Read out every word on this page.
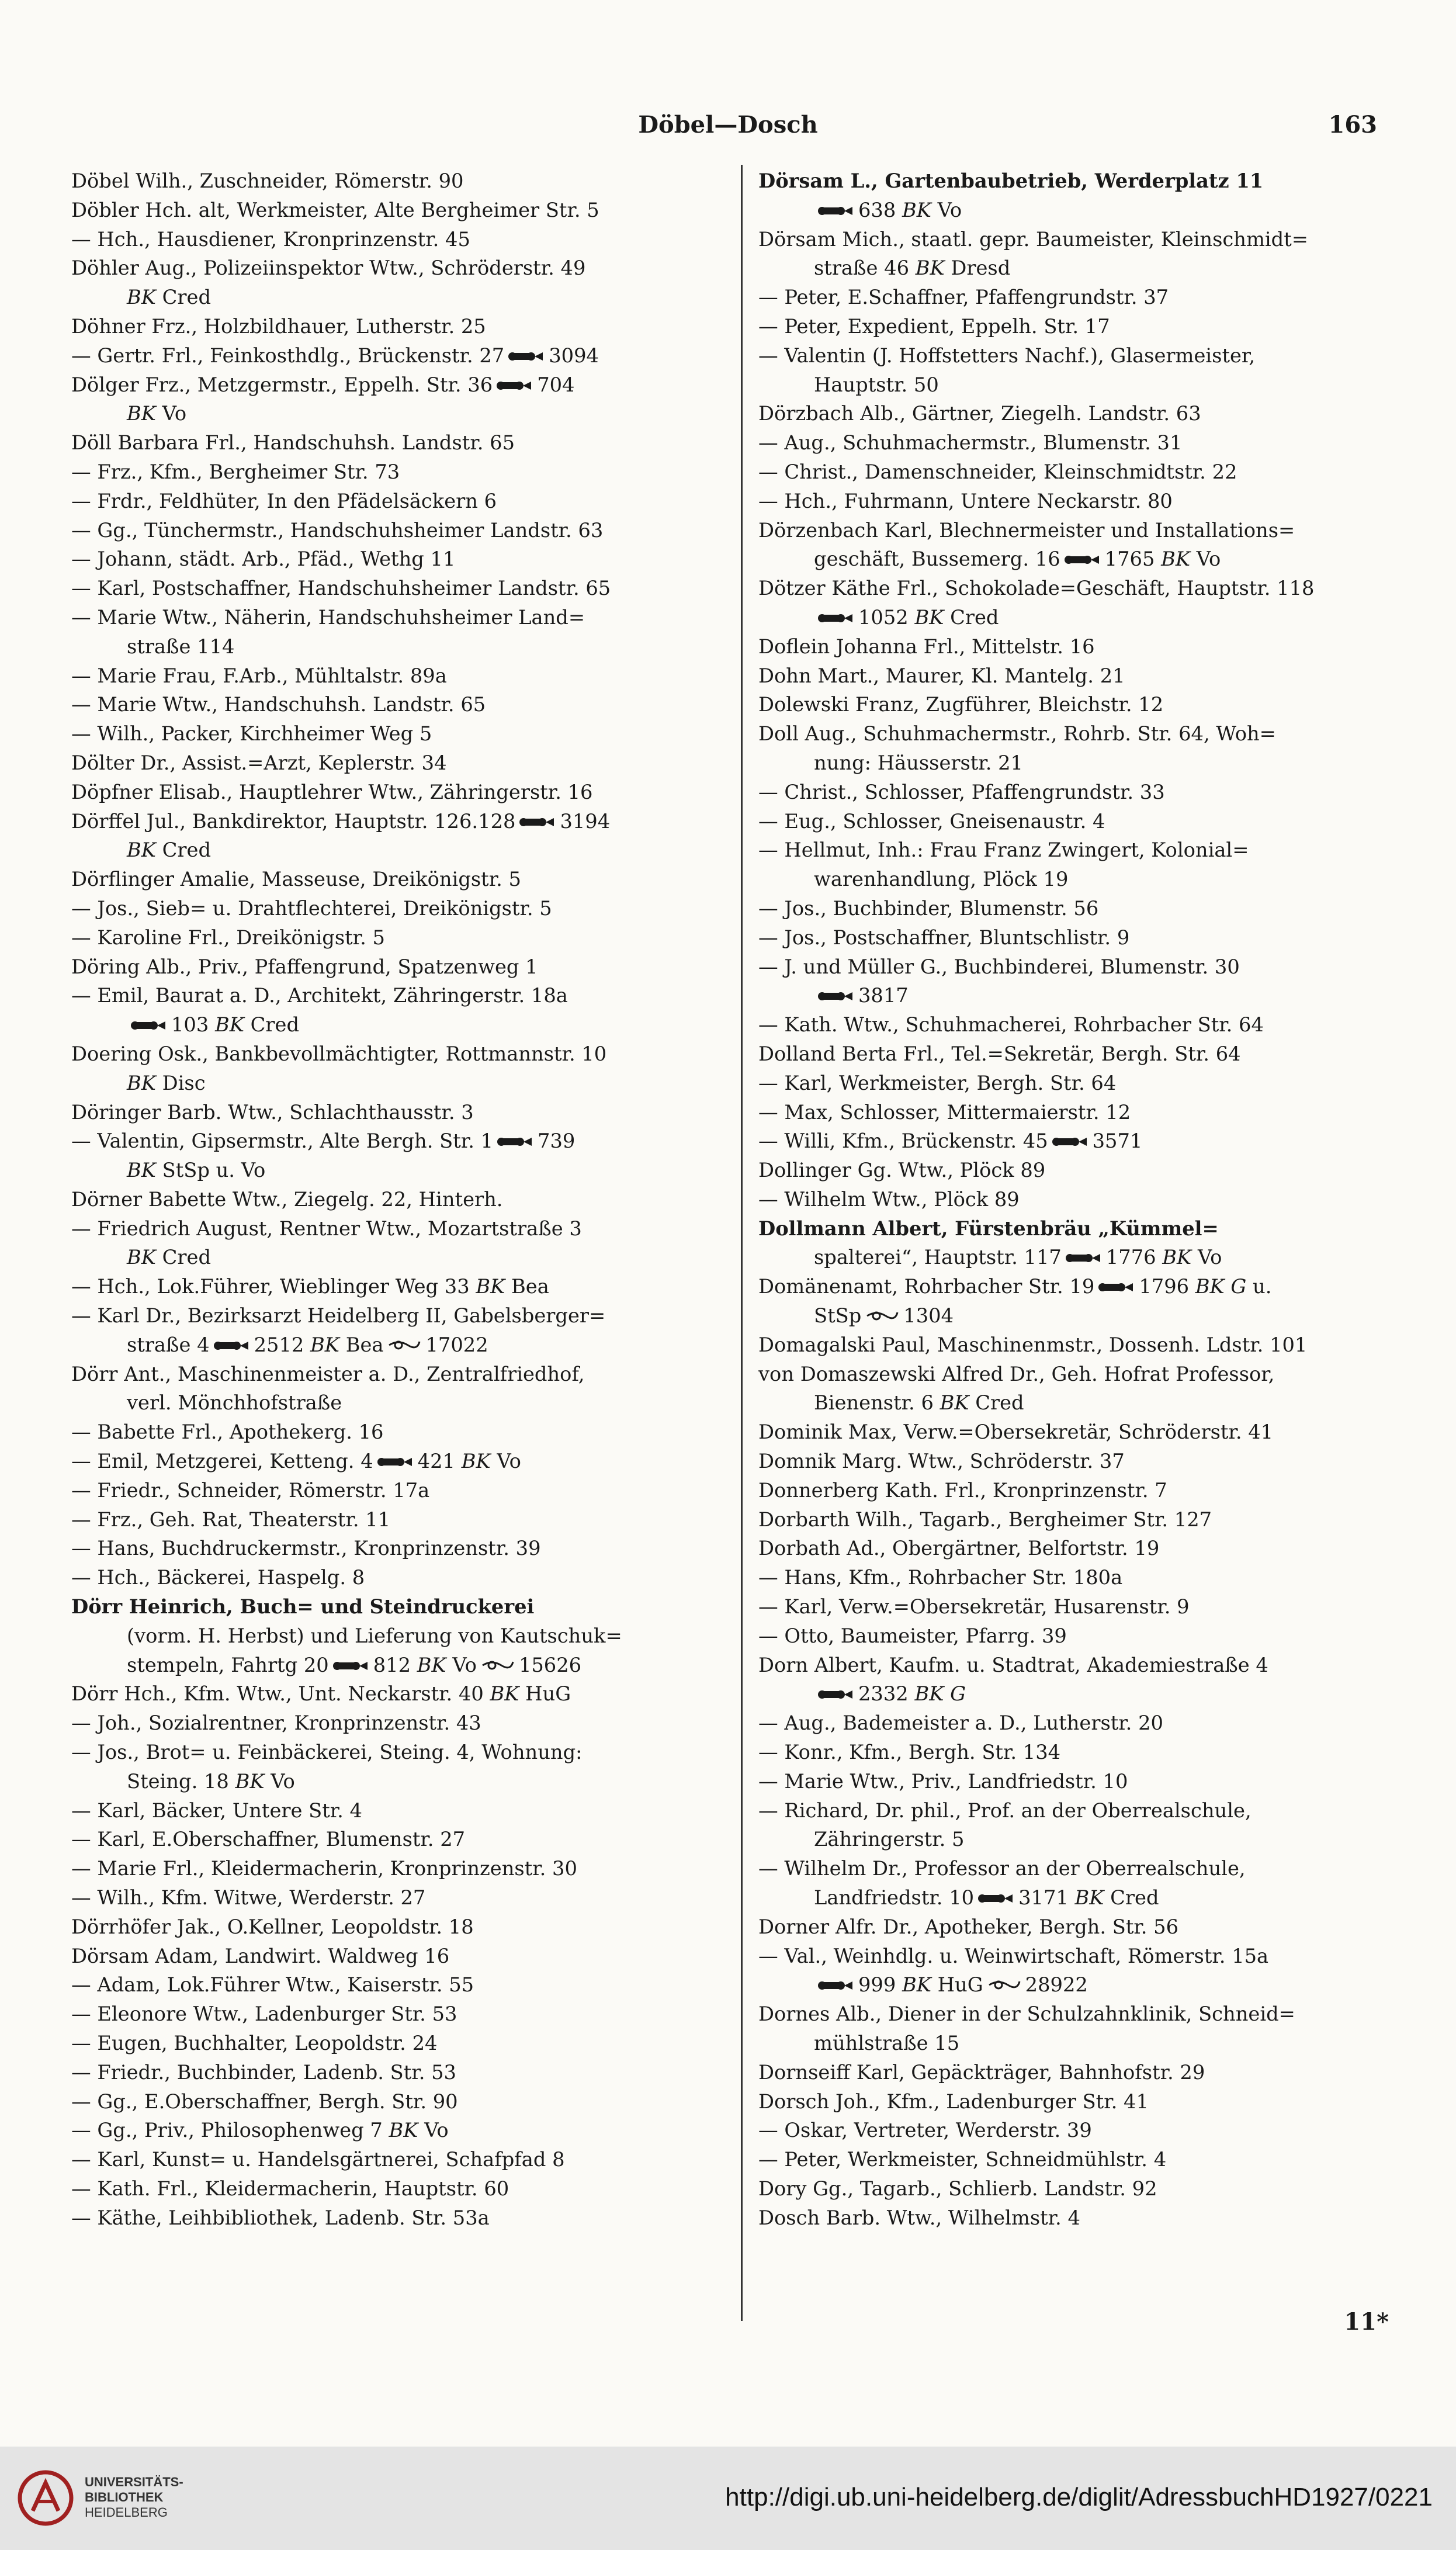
Döbel—Dosch	163
Döbel Wilh., Zuschneider, Römerstr. 90
Döbler Hch. alt, Werkmeister, Alte Bergheimer Str. 5
— Hch., Hausdiener, Kronprinzenstr. 45
Döhler Aug., Polizeiinspektor Wtw., Schröderstr. 49
BK Cred
Döhner Frz., Holzbildhauer, Lutherstr. 25
— Gertr. Frl., Feinkosthdlg., Brückenstr. 27 3094
Dölger Frz., Metzgermstr., Eppelh. Str. 36 704
BK Vo
Döll Barbara Frl., Handschuhsh. Landstr. 65
— Frz., Kfm., Bergheimer Str. 73
— Frdr., Feldhüter, In den Pfädelsäckern 6
— Gg., Tünchermstr., Handschuhsheimer Landstr. 63
— Johann, städt. Arb., Pfäd., Wethg 11
— Karl, Postschaffner, Handschuhsheimer Landstr. 65
— Marie Wtw., Näherin, Handschuhsheimer Land=
straße 114
— Marie Frau, F.Arb., Mühltalstr. 89a
— Marie Wtw., Handschuhsh. Landstr. 65
— Wilh., Packer, Kirchheimer Weg 5
Dölter Dr., Assist.=Arzt, Keplerstr. 34
Döpfner Elisab., Hauptlehrer Wtw., Zähringerstr. 16
Dörffel Jul., Bankdirektor, Hauptstr. 126.128 3194
BK Cred
Dörflinger Amalie, Masseuse, Dreikönigstr. 5
— Jos., Sieb= u. Drahtflechterei, Dreikönigstr. 5
— Karoline Frl., Dreikönigstr. 5
Döring Alb., Priv., Pfaffengrund, Spatzenweg 1
— Emil, Baurat a. D., Architekt, Zähringerstr. 18a
103 BK Cred
Doering Osk., Bankbevollmächtigter, Rottmannstr. 10
BK Disc
Döringer Barb. Wtw., Schlachthausstr. 3
— Valentin, Gipsermstr., Alte Bergh. Str. 1 739
BK StSp u. Vo
Dörner Babette Wtw., Ziegelg. 22, Hinterh.
— Friedrich August, Rentner Wtw., Mozartstraße 3
BK Cred
— Hch., Lok.Führer, Wieblinger Weg 33 BK Bea
— Karl Dr., Bezirksarzt Heidelberg II, Gabelsberger=
straße 4 2512 BK Bea 17022
Dörr Ant., Maschinenmeister a. D., Zentralfriedhof,
verl. Mönchhofstraße
— Babette Frl., Apothekerg. 16
— Emil, Metzgerei, Ketteng. 4 421 BK Vo
— Friedr., Schneider, Römerstr. 17a
— Frz., Geh. Rat, Theaterstr. 11
— Hans, Buchdruckermstr., Kronprinzenstr. 39
— Hch., Bäckerei, Haspelg. 8
Dörr Heinrich, Buch= und Steindruckerei
(vorm. H. Herbst) und Lieferung von Kautschuk=
stempeln, Fahrtg 20 812 BK Vo 15626
Dörr Hch., Kfm. Wtw., Unt. Neckarstr. 40 BK HuG
— Joh., Sozialrentner, Kronprinzenstr. 43
— Jos., Brot= u. Feinbäckerei, Steing. 4, Wohnung:
Steing. 18 BK Vo
— Karl, Bäcker, Untere Str. 4
— Karl, E.Oberschaffner, Blumenstr. 27
— Marie Frl., Kleidermacherin, Kronprinzenstr. 30
— Wilh., Kfm. Witwe, Werderstr. 27
Dörrhöfer Jak., O.Kellner, Leopoldstr. 18
Dörsam Adam, Landwirt. Waldweg 16
— Adam, Lok.Führer Wtw., Kaiserstr. 55
— Eleonore Wtw., Ladenburger Str. 53
— Eugen, Buchhalter, Leopoldstr. 24
— Friedr., Buchbinder, Ladenb. Str. 53
— Gg., E.Oberschaffner, Bergh. Str. 90
— Gg., Priv., Philosophenweg 7 BK Vo
— Karl, Kunst= u. Handelsgärtnerei, Schafpfad 8
— Kath. Frl., Kleidermacherin, Hauptstr. 60
— Käthe, Leihbibliothek, Ladenb. Str. 53a
Dörsam L., Gartenbaubetrieb, Werderplatz 11
638 BK Vo
Dörsam Mich., staatl. gepr. Baumeister, Kleinschmidt=
straße 46 BK Dresd
— Peter, E.Schaffner, Pfaffengrundstr. 37
— Peter, Expedient, Eppelh. Str. 17
— Valentin (J. Hoffstetters Nachf.), Glasermeister,
Hauptstr. 50
Dörzbach Alb., Gärtner, Ziegelh. Landstr. 63
— Aug., Schuhmachermstr., Blumenstr. 31
— Christ., Damenschneider, Kleinschmidtstr. 22
— Hch., Fuhrmann, Untere Neckarstr. 80
Dörzenbach Karl, Blechnermeister und Installations=
geschäft, Bussemerg. 16 1765 BK Vo
Dötzer Käthe Frl., Schokolade=Geschäft, Hauptstr. 118
1052 BK Cred
Doflein Johanna Frl., Mittelstr. 16
Dohn Mart., Maurer, Kl. Mantelg. 21
Dolewski Franz, Zugführer, Bleichstr. 12
Doll Aug., Schuhmachermstr., Rohrb. Str. 64, Woh=
nung: Häusserstr. 21
— Christ., Schlosser, Pfaffengrundstr. 33
— Eug., Schlosser, Gneisenaustr. 4
— Hellmut, Inh.: Frau Franz Zwingert, Kolonial=
warenhandlung, Plöck 19
— Jos., Buchbinder, Blumenstr. 56
— Jos., Postschaffner, Bluntschlistr. 9
— J. und Müller G., Buchbinderei, Blumenstr. 30
3817
— Kath. Wtw., Schuhmacherei, Rohrbacher Str. 64
Dolland Berta Frl., Tel.=Sekretär, Bergh. Str. 64
— Karl, Werkmeister, Bergh. Str. 64
— Max, Schlosser, Mittermaierstr. 12
— Willi, Kfm., Brückenstr. 45 3571
Dollinger Gg. Wtw., Plöck 89
— Wilhelm Wtw., Plöck 89
Dollmann Albert, Fürstenbräu „Kümmel=
spalterei“, Hauptstr. 117 1776 BK Vo
Domänenamt, Rohrbacher Str. 19 1796 BK G u.
StSp 1304
Domagalski Paul, Maschinenmstr., Dossenh. Ldstr. 101
von Domaszewski Alfred Dr., Geh. Hofrat Professor,
Bienenstr. 6 BK Cred
Dominik Max, Verw.=Obersekretär, Schröderstr. 41
Domnik Marg. Wtw., Schröderstr. 37
Donnerberg Kath. Frl., Kronprinzenstr. 7
Dorbarth Wilh., Tagarb., Bergheimer Str. 127
Dorbath Ad., Obergärtner, Belfortstr. 19
— Hans, Kfm., Rohrbacher Str. 180a
— Karl, Verw.=Obersekretär, Husarenstr. 9
— Otto, Baumeister, Pfarrg. 39
Dorn Albert, Kaufm. u. Stadtrat, Akademiestraße 4
2332 BK G
— Aug., Bademeister a. D., Lutherstr. 20
— Konr., Kfm., Bergh. Str. 134
— Marie Wtw., Priv., Landfriedstr. 10
— Richard, Dr. phil., Prof. an der Oberrealschule,
Zähringerstr. 5
— Wilhelm Dr., Professor an der Oberrealschule,
Landfriedstr. 10 3171 BK Cred
Dorner Alfr. Dr., Apotheker, Bergh. Str. 56
— Val., Weinhdlg. u. Weinwirtschaft, Römerstr. 15a
999 BK HuG 28922
Dornes Alb., Diener in der Schulzahnklinik, Schneid=
mühlstraße 15
Dornseiff Karl, Gepäckträger, Bahnhofstr. 29
Dorsch Joh., Kfm., Ladenburger Str. 41
— Oskar, Vertreter, Werderstr. 39
— Peter, Werkmeister, Schneidmühlstr. 4
Dory Gg., Tagarb., Schlierb. Landstr. 92
Dosch Barb. Wtw., Wilhelmstr. 4
11*
UNIVERSITÄTS-
BIBLIOTHEK
HEIDELBERG
http://digi.ub.uni-heidelberg.de/diglit/AdressbuchHD1927/0221
